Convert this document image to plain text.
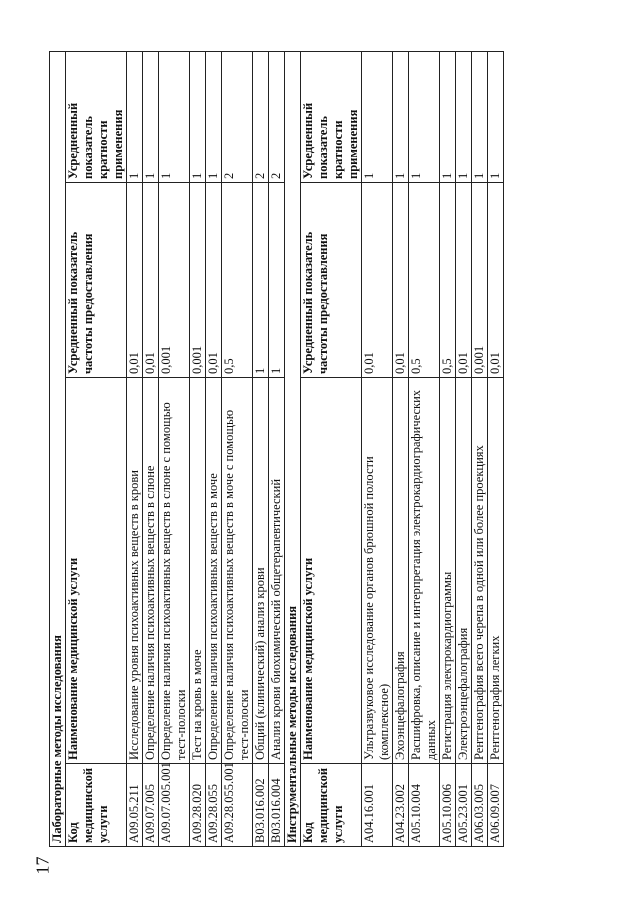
Лабораторные методы исследования			
Код медицинской услуги	Наименование медицинской услуги	Усредненный показатель частоты предоставления	Усредненный показатель кратности применения
A09.05.211	Исследование уровня психоактивных веществ в крови	0,01	1
A09.07.005	Определение наличия психоактивных веществ в слюне	0,01	1
A09.07.005.001	Определение наличия психоактивных веществ в слюне с помощью тест-полоски	0,001	1
A09.28.020	Тест на кровь в моче	0,001	1
A09.28.055	Определение наличия психоактивных веществ в моче	0,01	1
A09.28.055.001	Определение наличия психоактивных веществ в моче с помощью тест-полоски	0,5	2
B03.016.002	Общий (клинический) анализ крови	1	2
B03.016.004	Анализ крови биохимический общетерапевтический	1	2
Инструментальные методы исследования			
Код медицинской услуги	Наименование медицинской услуги	Усредненный показатель частоты предоставления	Усредненный показатель кратности применения
A04.16.001	Ультразвуковое исследование органов брюшной полости (комплексное)	0,01	1
A04.23.002	Эхоэнцефалография	0,01	1
A05.10.004	Расшифровка, описание и интерпретация электрокардиографических данных	0,5	1
A05.10.006	Регистрация электрокардиограммы	0,5	1
A05.23.001	Электроэнцефалография	0,01	1
A06.03.005	Рентгенография всего черепа в одной или более проекциях	0,001	1
A06.09.007	Рентгенография легких	0,01	1
17
